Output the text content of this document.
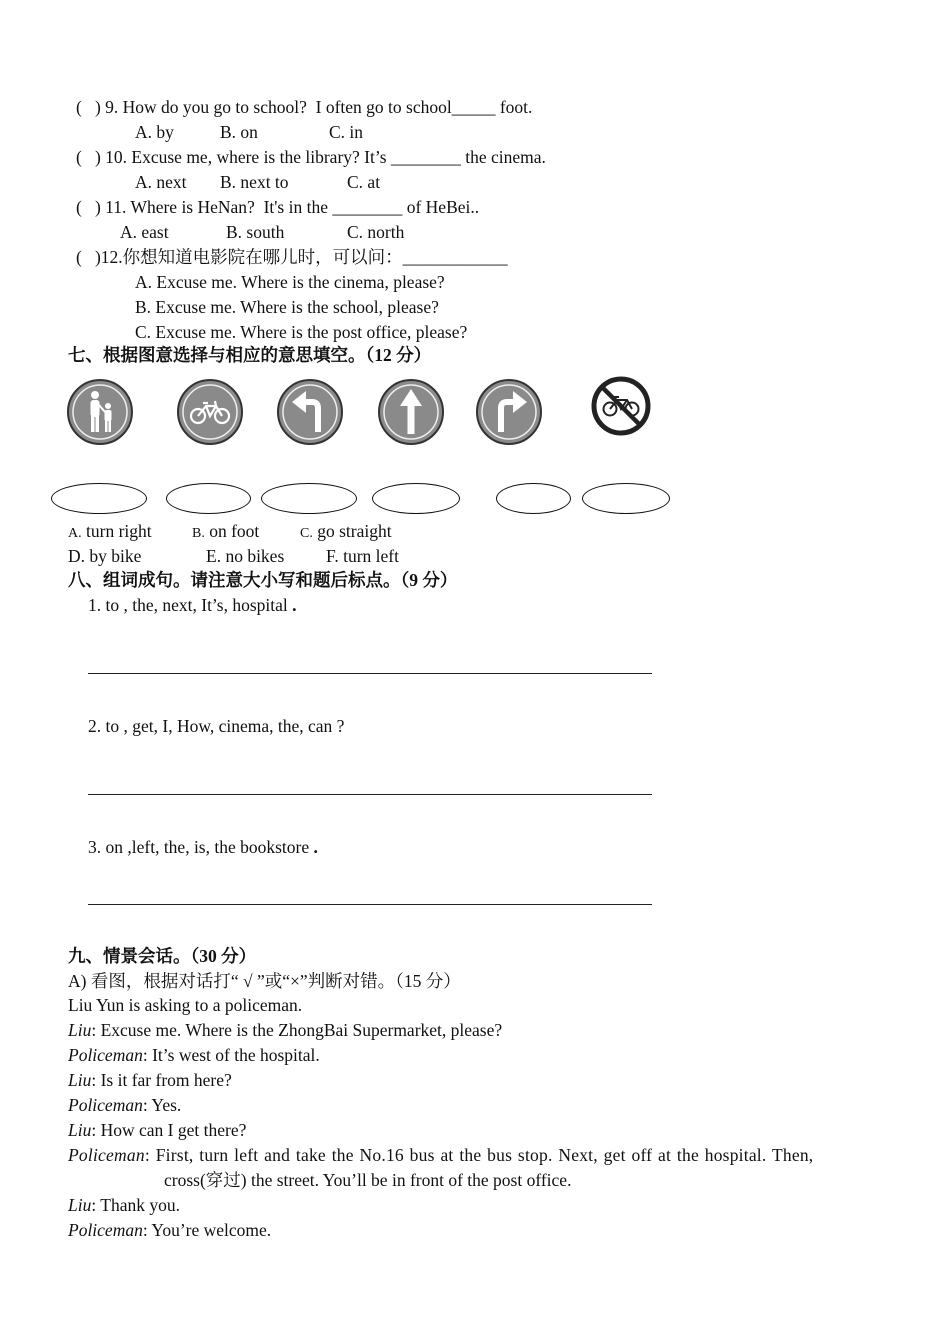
(   ) 9. How do you go to school?  I often go to school_____ foot.
A. by	B. on	C. in
(   ) 10. Excuse me, where is the library? It’s ________ the cinema.
A. next B. next to	C. at
(   ) 11. Where is HeNan?  It's in the ________ of HeBei..
A. east	B. south	C. north
(   )12.你想知道电影院在哪儿时，可以问：____________
A. Excuse me. Where is the cinema, please?
B. Excuse me. Where is the school, please?
C. Excuse me. Where is the post office, please?
七、根据图意选择与相应的意思填空。（12 分）
A. turn right	B. on foot	C. go straight
D. by bike	E. no bikes F. turn left
八、组词成句。请注意大小写和题后标点。（9 分）
1. to , the, next, It’s, hospital .
2. to , get, I, How, cinema, the, can ?
3. on ,left, the, is, the bookstore .
九、情景会话。（30 分）
A) 看图，根据对话打“ √ ”或“×”判断对错。（15 分）
Liu Yun is asking to a policeman.
Liu: Excuse me. Where is the ZhongBai Supermarket, please?
Policeman: It’s west of the hospital.
Liu: Is it far from here?
Policeman: Yes.
Liu: How can I get there?
Policeman: First, turn left and take the No.16 bus at the bus stop. Next, get off at the hospital. Then,
cross(穿过) the street. You’ll be in front of the post office.
Liu: Thank you.
Policeman: You’re welcome.
